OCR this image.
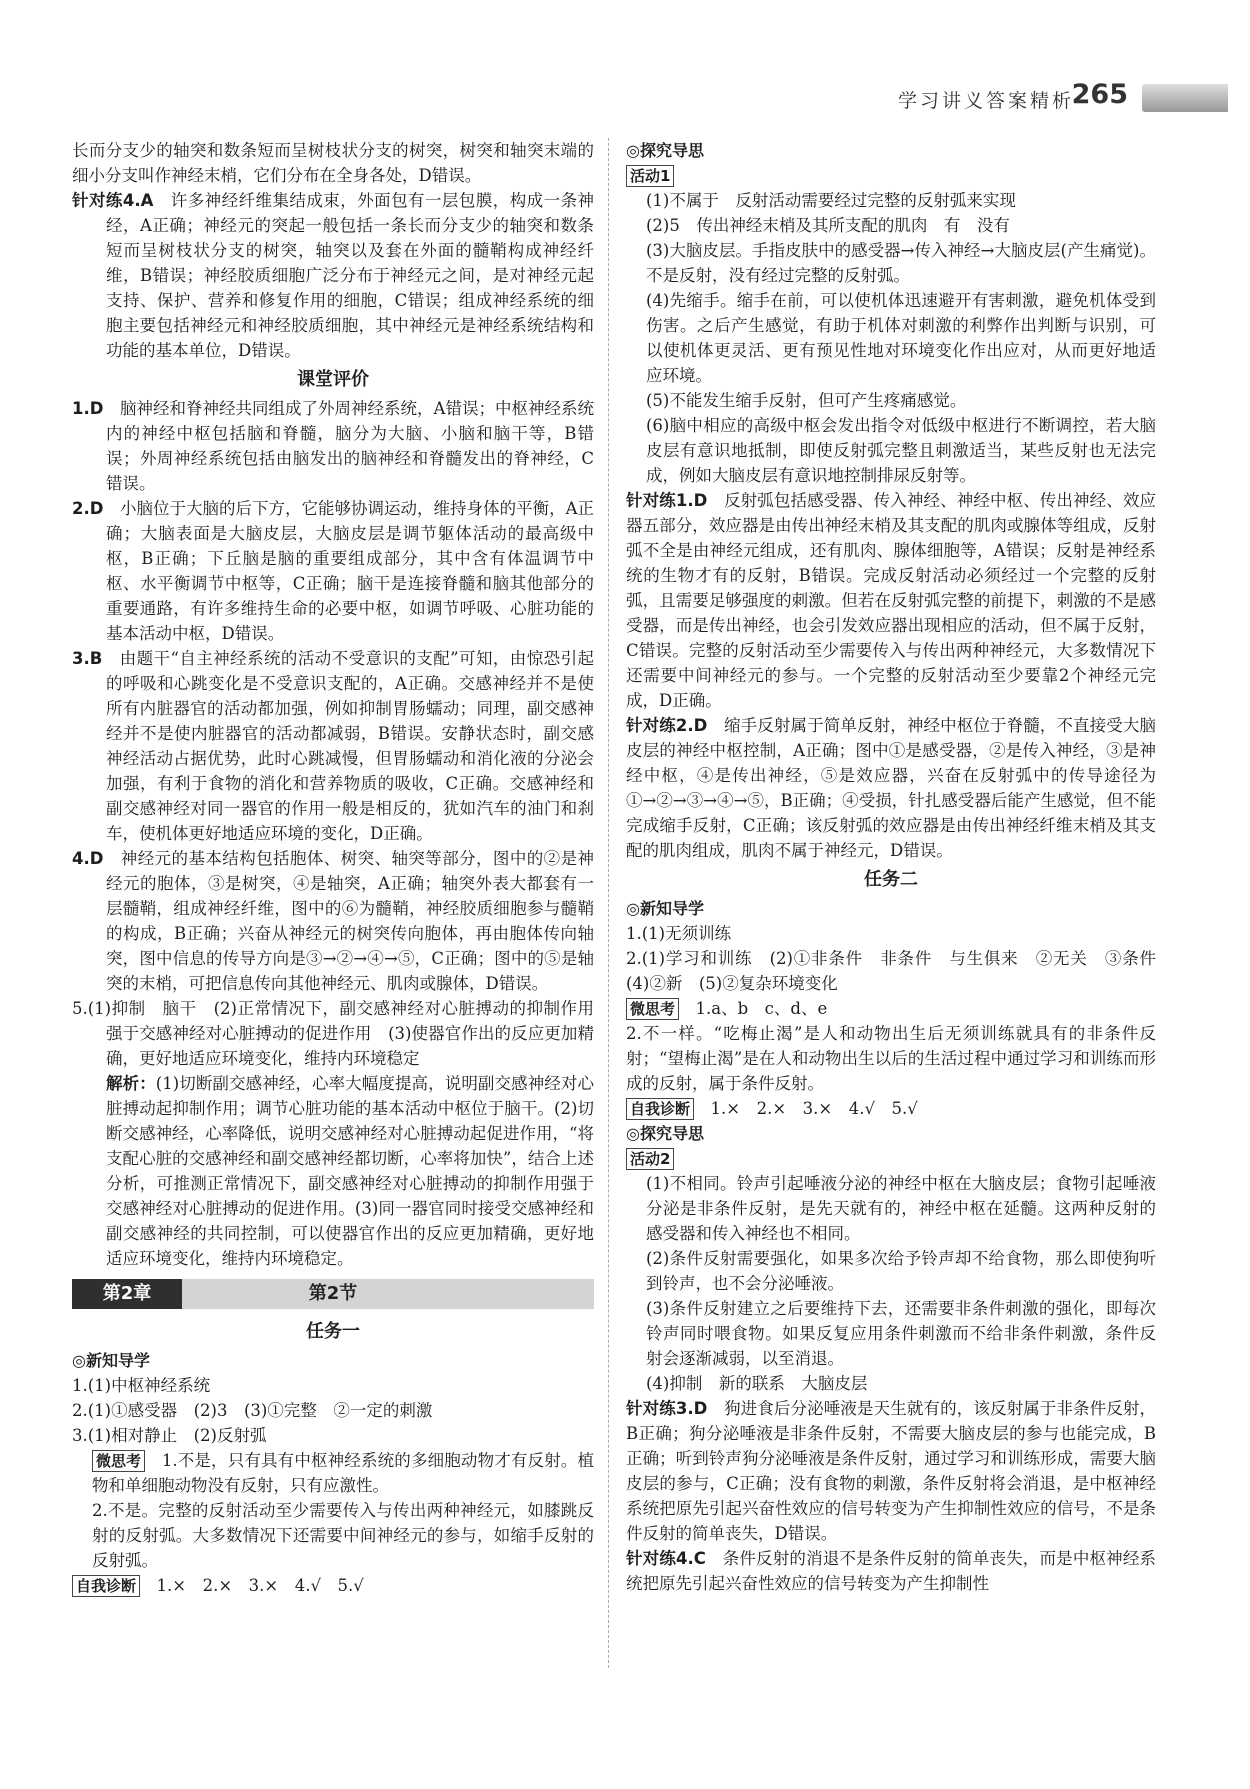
学习讲义答案精析
265

长而分支少的轴突和数条短而呈树枝状分支的树突，树突和轴突末端的细小分支叫作神经末梢，它们分布在全身各处，D错误。

针对练4.A　 许多神经纤维集结成束，外面包有一层包膜，构成一条神经，A正确；神经元的突起一般包括一条长而分支少的轴突和数条短而呈树枝状分支的树突，轴突以及套在外面的髓鞘构成神经纤维，B错误；神经胶质细胞广泛分布于神经元之间，是对神经元起支持、保护、营养和修复作用的细胞，C错误；组成神经系统的细胞主要包括神经元和神经胶质细胞，其中神经元是神经系统结构和功能的基本单位，D错误。

课堂评价

1.D　 脑神经和脊神经共同组成了外周神经系统，A错误；中枢神经系统内的神经中枢包括脑和脊髓，脑分为大脑、小脑和脑干等，B错误；外周神经系统包括由脑发出的脑神经和脊髓发出的脊神经，C错误。

2.D　 小脑位于大脑的后下方，它能够协调运动，维持身体的平衡，A正确；大脑表面是大脑皮层，大脑皮层是调节躯体活动的最高级中枢，B正确；下丘脑是脑的重要组成部分，其中含有体温调节中枢、水平衡调节中枢等，C正确；脑干是连接脊髓和脑其他部分的重要通路，有许多维持生命的必要中枢，如调节呼吸、心脏功能的基本活动中枢，D错误。

3.B　 由题干“自主神经系统的活动不受意识的支配”可知，由惊恐引起的呼吸和心跳变化是不受意识支配的，A正确。交感神经并不是使所有内脏器官的活动都加强，例如抑制胃肠蠕动；同理，副交感神经并不是使内脏器官的活动都减弱，B错误。安静状态时，副交感神经活动占据优势，此时心跳减慢，但胃肠蠕动和消化液的分泌会加强，有利于食物的消化和营养物质的吸收，C正确。交感神经和副交感神经对同一器官的作用一般是相反的，犹如汽车的油门和刹车，使机体更好地适应环境的变化，D正确。

4.D　 神经元的基本结构包括胞体、树突、轴突等部分，图中的②是神经元的胞体，③是树突，④是轴突，A正确；轴突外表大都套有一层髓鞘，组成神经纤维，图中的⑥为髓鞘，神经胶质细胞参与髓鞘的构成，B正确；兴奋从神经元的树突传向胞体，再由胞体传向轴突，图中信息的传导方向是③→②→④→⑤，C正确；图中的⑤是轴突的末梢，可把信息传向其他神经元、肌肉或腺体，D错误。

5.(1)抑制　脑干　(2)正常情况下，副交感神经对心脏搏动的抑制作用强于交感神经对心脏搏动的促进作用　(3)使器官作出的反应更加精确，更好地适应环境变化，维持内环境稳定

解析：(1)切断副交感神经，心率大幅度提高，说明副交感神经对心脏搏动起抑制作用；调节心脏功能的基本活动中枢位于脑干。(2)切断交感神经，心率降低，说明交感神经对心脏搏动起促进作用，“将支配心脏的交感神经和副交感神经都切断，心率将加快”，结合上述分析，可推测正常情况下，副交感神经对心脏搏动的抑制作用强于交感神经对心脏搏动的促进作用。(3)同一器官同时接受交感神经和副交感神经的共同控制，可以使器官作出的反应更加精确，更好地适应环境变化，维持内环境稳定。

第2节
第2章
任务一

◎新知导学

1.(1)中枢神经系统

2.(1)①感受器　(2)3　(3)①完整　②一定的刺激

3.(1)相对静止　(2)反射弧

微思考　 1.不是，只有具有中枢神经系统的多细胞动物才有反射。植物和单细胞动物没有反射，只有应激性。

2.不是。完整的反射活动至少需要传入与传出两种神经元，如膝跳反射的反射弧。大多数情况下还需要中间神经元的参与，如缩手反射的反射弧。

自我诊断　 1.×　2.×　3.×　4.√　5.√

◎探究导思

活动1

(1)不属于　反射活动需要经过完整的反射弧来实现

(2)5　传出神经末梢及其所支配的肌肉　有　没有

(3)大脑皮层。手指皮肤中的感受器→传入神经→大脑皮层(产生痛觉)。不是反射，没有经过完整的反射弧。

(4)先缩手。缩手在前，可以使机体迅速避开有害刺激，避免机体受到伤害。之后产生感觉，有助于机体对刺激的利弊作出判断与识别，可以使机体更灵活、更有预见性地对环境变化作出应对，从而更好地适应环境。

(5)不能发生缩手反射，但可产生疼痛感觉。

(6)脑中相应的高级中枢会发出指令对低级中枢进行不断调控，若大脑皮层有意识地抵制，即使反射弧完整且刺激适当，某些反射也无法完成，例如大脑皮层有意识地控制排尿反射等。

针对练1.D　 反射弧包括感受器、传入神经、神经中枢、传出神经、效应器五部分，效应器是由传出神经末梢及其支配的肌肉或腺体等组成，反射弧不全是由神经元组成，还有肌肉、腺体细胞等，A错误；反射是神经系统的生物才有的反射，B错误。完成反射活动必须经过一个完整的反射弧，且需要足够强度的刺激。但若在反射弧完整的前提下，刺激的不是感受器，而是传出神经，也会引发效应器出现相应的活动，但不属于反射，C错误。完整的反射活动至少需要传入与传出两种神经元，大多数情况下还需要中间神经元的参与。一个完整的反射活动至少要靠2个神经元完成，D正确。

针对练2.D　 缩手反射属于简单反射，神经中枢位于脊髓，不直接受大脑皮层的神经中枢控制，A正确；图中①是感受器，②是传入神经，③是神经中枢，④是传出神经，⑤是效应器，兴奋在反射弧中的传导途径为①→②→③→④→⑤，B正确；④受损，针扎感受器后能产生感觉，但不能完成缩手反射，C正确；该反射弧的效应器是由传出神经纤维末梢及其支配的肌肉组成，肌肉不属于神经元，D错误。

任务二

◎新知导学

1.(1)无须训练

2.(1)学习和训练　(2)①非条件　非条件　与生俱来　②无关　③条件　(4)②新　(5)②复杂环境变化

微思考　 1.a、b　c、d、e

2.不一样。“吃梅止渴”是人和动物出生后无须训练就具有的非条件反射；“望梅止渴”是在人和动物出生以后的生活过程中通过学习和训练而形成的反射，属于条件反射。

自我诊断　 1.×　2.×　3.×　4.√　5.√

◎探究导思

活动2

(1)不相同。铃声引起唾液分泌的神经中枢在大脑皮层；食物引起唾液分泌是非条件反射，是先天就有的，神经中枢在延髓。这两种反射的感受器和传入神经也不相同。

(2)条件反射需要强化，如果多次给予铃声却不给食物，那么即使狗听到铃声，也不会分泌唾液。

(3)条件反射建立之后要维持下去，还需要非条件刺激的强化，即每次铃声同时喂食物。如果反复应用条件刺激而不给非条件刺激，条件反射会逐渐减弱，以至消退。

(4)抑制　新的联系　大脑皮层

针对练3.D　 狗进食后分泌唾液是天生就有的，该反射属于非条件反射，B正确；狗分泌唾液是非条件反射，不需要大脑皮层的参与也能完成，B正确；听到铃声狗分泌唾液是条件反射，通过学习和训练形成，需要大脑皮层的参与，C正确；没有食物的刺激，条件反射将会消退，是中枢神经系统把原先引起兴奋性效应的信号转变为产生抑制性效应的信号，不是条件反射的简单丧失，D错误。

针对练4.C　 条件反射的消退不是条件反射的简单丧失，而是中枢神经系统把原先引起兴奋性效应的信号转变为产生抑制性
